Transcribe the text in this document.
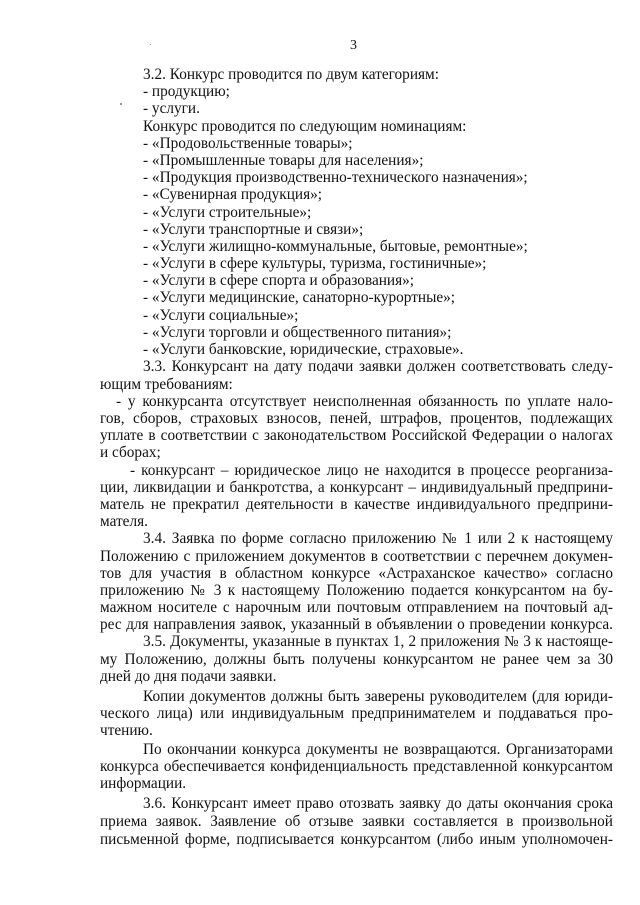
3

3.2. Конкурс проводится по двум категориям:

- продукцию;

- услуги.

Конкурс проводится по следующим номинациям:

- «Продовольственные товары»;

- «Промышленные товары для населения»;

- «Продукция производственно-технического назначения»;

- «Сувенирная продукция»;

- «Услуги строительные»;

- «Услуги транспортные и связи»;

- «Услуги жилищно-коммунальные, бытовые, ремонтные»;

- «Услуги в сфере культуры, туризма, гостиничные»;

- «Услуги в сфере спорта и образования»;

- «Услуги медицинские, санаторно-курортные»;

- «Услуги социальные»;

- «Услуги торговли и общественного питания»;

- «Услуги банковские, юридические, страховые».

3.3. Конкурсант на дату подачи заявки должен соответствовать следу-

ющим требованиям:

- у конкурсанта отсутствует неисполненная обязанность по уплате нало-

гов, сборов, страховых взносов, пеней, штрафов, процентов, подлежащих

уплате в соответствии с законодательством Российской Федерации о налогах

и сборах;

- конкурсант – юридическое лицо не находится в процессе реорганиза-

ции, ликвидации и банкротства, а конкурсант – индивидуальный предприни-

матель не прекратил деятельности в качестве индивидуального предприни-

мателя.

3.4. Заявка по форме согласно приложению № 1 или 2 к настоящему

Положению с приложением документов в соответствии с перечнем докумен-

тов для участия в областном конкурсе «Астраханское качество» согласно

приложению № 3 к настоящему Положению подается конкурсантом на бу-

мажном носителе с нарочным или почтовым отправлением на почтовый ад-

рес для направления заявок, указанный в объявлении о проведении конкурса.

3.5. Документы, указанные в пунктах 1, 2 приложения № 3 к настояще-

му Положению, должны быть получены конкурсантом не ранее чем за 30

дней до дня подачи заявки.

Копии документов должны быть заверены руководителем (для юриди-

ческого лица) или индивидуальным предпринимателем и поддаваться про-

чтению.

По окончании конкурса документы не возвращаются. Организаторами

конкурса обеспечивается конфиденциальность представленной конкурсантом

информации.

3.6. Конкурсант имеет право отозвать заявку до даты окончания срока

приема заявок. Заявление об отзыве заявки составляется в произвольной

письменной форме, подписывается конкурсантом (либо иным уполномочен-
